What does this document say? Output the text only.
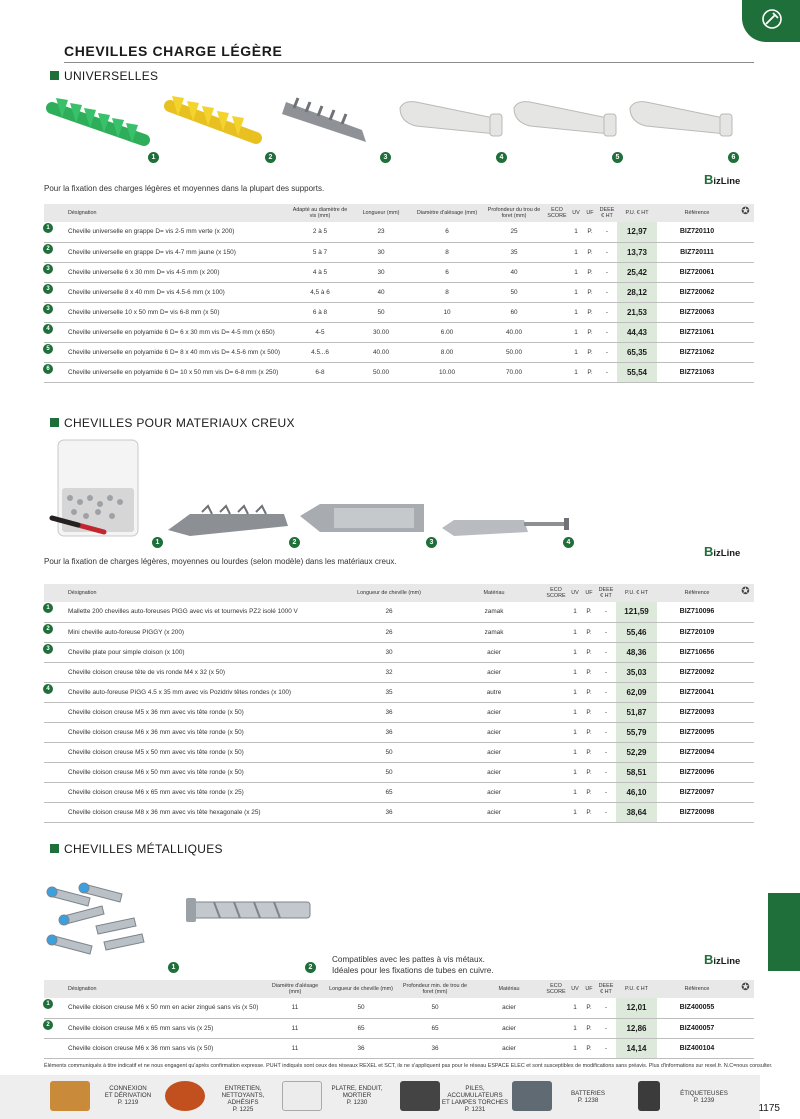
CHEVILLES CHARGE LÉGÈRE
UNIVERSELLES
1	2	3	4	5	6
Pour la fixation des charges légères et moyennes dans la plupart des supports.
BizLine
Désignation	Adapté au diamètre de vis (mm)	Longueur (mm)	Diamètre d'alésage (mm)	Profondeur du trou de foret (mm)	ECO SCORE	UV	UF	DEEE € HT	P.U. € HT	Référence	✪

1 Cheville universelle en grappe D= vis 2-5 mm verte (x 200)	2 à 5	23	6	25		1	P.	-	12,97	BIZ720110	

2 Cheville universelle en grappe D= vis 4-7 mm jaune (x 150)	5 à 7	30	8	35		1	P.	-	13,73	BIZ720111	

3 Cheville universelle 6 x 30 mm D= vis 4-5 mm (x 200)	4 à 5	30	6	40		1	P.	-	25,42	BIZ720061	

3 Cheville universelle 8 x 40 mm D= vis 4.5-6 mm (x 100)	4,5 à 6	40	8	50		1	P.	-	28,12	BIZ720062	

3 Cheville universelle 10 x 50 mm D= vis 6-8 mm (x 50)	6 à 8	50	10	60		1	P.	-	21,53	BIZ720063	

4 Cheville universelle en polyamide 6 D= 6 x 30 mm vis D= 4-5 mm (x 650)	4-5	30.00	6.00	40.00		1	P.	-	44,43	BIZ721061	

5 Cheville universelle en polyamide 6 D= 8 x 40 mm vis D= 4.5-6 mm (x 500)	4.5...6	40.00	8.00	50.00		1	P.	-	65,35	BIZ721062	

6 Cheville universelle en polyamide 6 D= 10 x 50 mm vis D= 6-8 mm (x 250)	6-8	50.00	10.00	70.00		1	P.	-	55,54	BIZ721063	
CHEVILLES POUR MATERIAUX CREUX
1	2	3	4
Pour la fixation de charges légères, moyennes ou lourdes (selon modèle) dans les matériaux creux.
BizLine
Désignation	Longueur de cheville (mm)	Matériau	ECO SCORE	UV	UF	DEEE € HT	P.U. € HT	Référence	✪

1 Mallette 200 chevilles auto-foreuses PIGG avec vis et tournevis PZ2 isolé 1000 V	26	zamak		1	P.	-	121,59	BIZ710096	

2 Mini cheville auto-foreuse PIGGY (x 200)	26	zamak		1	P.	-	55,46	BIZ720109	

3 Cheville plate pour simple cloison (x 100)	30	acier		1	P.	-	48,36	BIZ710656	
Cheville cloison creuse tête de vis ronde M4 x 32 (x 50)	32	acier		1	P.	-	35,03	BIZ720092	

4 Cheville auto-foreuse PIGG 4.5 x 35 mm avec vis Pozidriv têtes rondes (x 100)	35	autre		1	P.	-	62,09	BIZ720041	
Cheville cloison creuse M5 x 36 mm avec vis tête ronde (x 50)	36	acier		1	P.	-	51,87	BIZ720093	
Cheville cloison creuse M6 x 36 mm avec vis tête ronde (x 50)	36	acier		1	P.	-	55,79	BIZ720095	
Cheville cloison creuse M5 x 50 mm avec vis tête ronde (x 50)	50	acier		1	P.	-	52,29	BIZ720094	
Cheville cloison creuse M6 x 50 mm avec vis tête ronde (x 50)	50	acier		1	P.	-	58,51	BIZ720096	
Cheville cloison creuse M6 x 65 mm avec vis tête ronde (x 25)	65	acier		1	P.	-	46,10	BIZ720097	
Cheville cloison creuse M8 x 36 mm avec vis tête hexagonale (x 25)	36	acier		1	P.	-	38,64	BIZ720098	
CHEVILLES MÉTALLIQUES
1	2
Compatibles avec les pattes à vis métaux.
Idéales pour les fixations de tubes en cuivre.
BizLine
Désignation	Diamètre d'alésage (mm)	Longueur de cheville (mm)	Profondeur min. de trou de foret (mm)	Matériau	ECO SCORE	UV	UF	DEEE € HT	P.U. € HT	Référence	✪

1 Cheville cloison creuse M6 x 50 mm en acier zingué sans vis (x 50)	11	50	50	acier		1	P.	-	12,01	BIZ400055	

2 Cheville cloison creuse M6 x 65 mm sans vis (x 25)	11	65	65	acier		1	P.	-	12,86	BIZ400057	
Cheville cloison creuse M6 x 36 mm sans vis (x 50)	11	36	36	acier		1	P.	-	14,14	BIZ400104	
Éléments communiqués à titre indicatif et ne nous engagent qu'après confirmation expresse. PUHT indiqués sont ceux des réseaux REXEL et SCT, ils ne s'appliquent pas pour le réseau ESPACE ELEC et sont susceptibles de modifications sans préavis. Plus d'informations sur rexel.fr. N.C=nous consulter.
CONNEXION
ET DÉRIVATION
P. 1219
ENTRETIEN,
NETTOYANTS, ADHÉSIFS
P. 1225
PLATRE, ENDUIT,
MORTIER
P. 1230
PILES, ACCUMULATEURS
ET LAMPES TORCHES
P. 1231
BATTERIES
P. 1238
ÉTIQUETEUSES
P. 1239
1175
